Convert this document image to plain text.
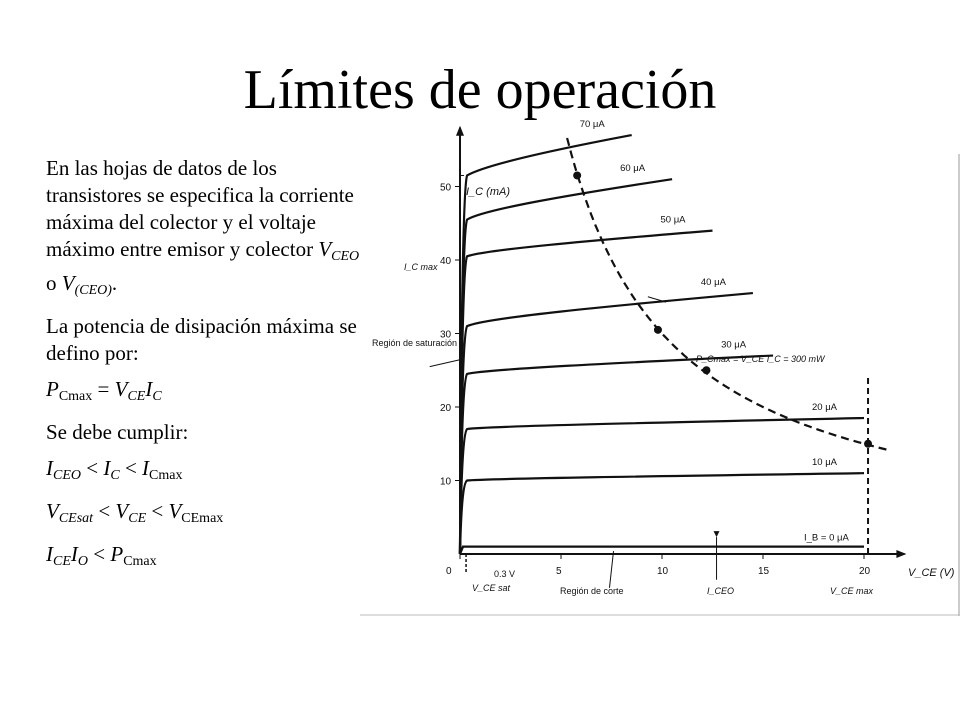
Límites de operación

En las hojas de datos de los transistores se especifica la corriente máxima del colector y el voltaje máximo entre emisor y colector $V_{CEO}$ o $V_{(CEO)}$.

La potencia de disipación máxima se defino por:

$P_{Cmax} = V_{CE}I_C$

Se debe cumplir:

$I_{CEO} < I_C < I_{Cmax}$

$V_{CEsat} < V_{CE} < V_{CEmax}$

$I_{CE}I_O < P_{Cmax}$

I_C (mA)
V_CE (V)
I_C max
Región de saturación
Región de corte
0.3 V
V_CE sat	I_CEO	V_CE max
P_Cmax = V_CE I_C = 300 mW
0	5	10	15	20
10
20
30
40
50
70 μA
60 μA
50 μA
40 μA
30 μA
20 μA
10 μA
I_B = 0 μA
